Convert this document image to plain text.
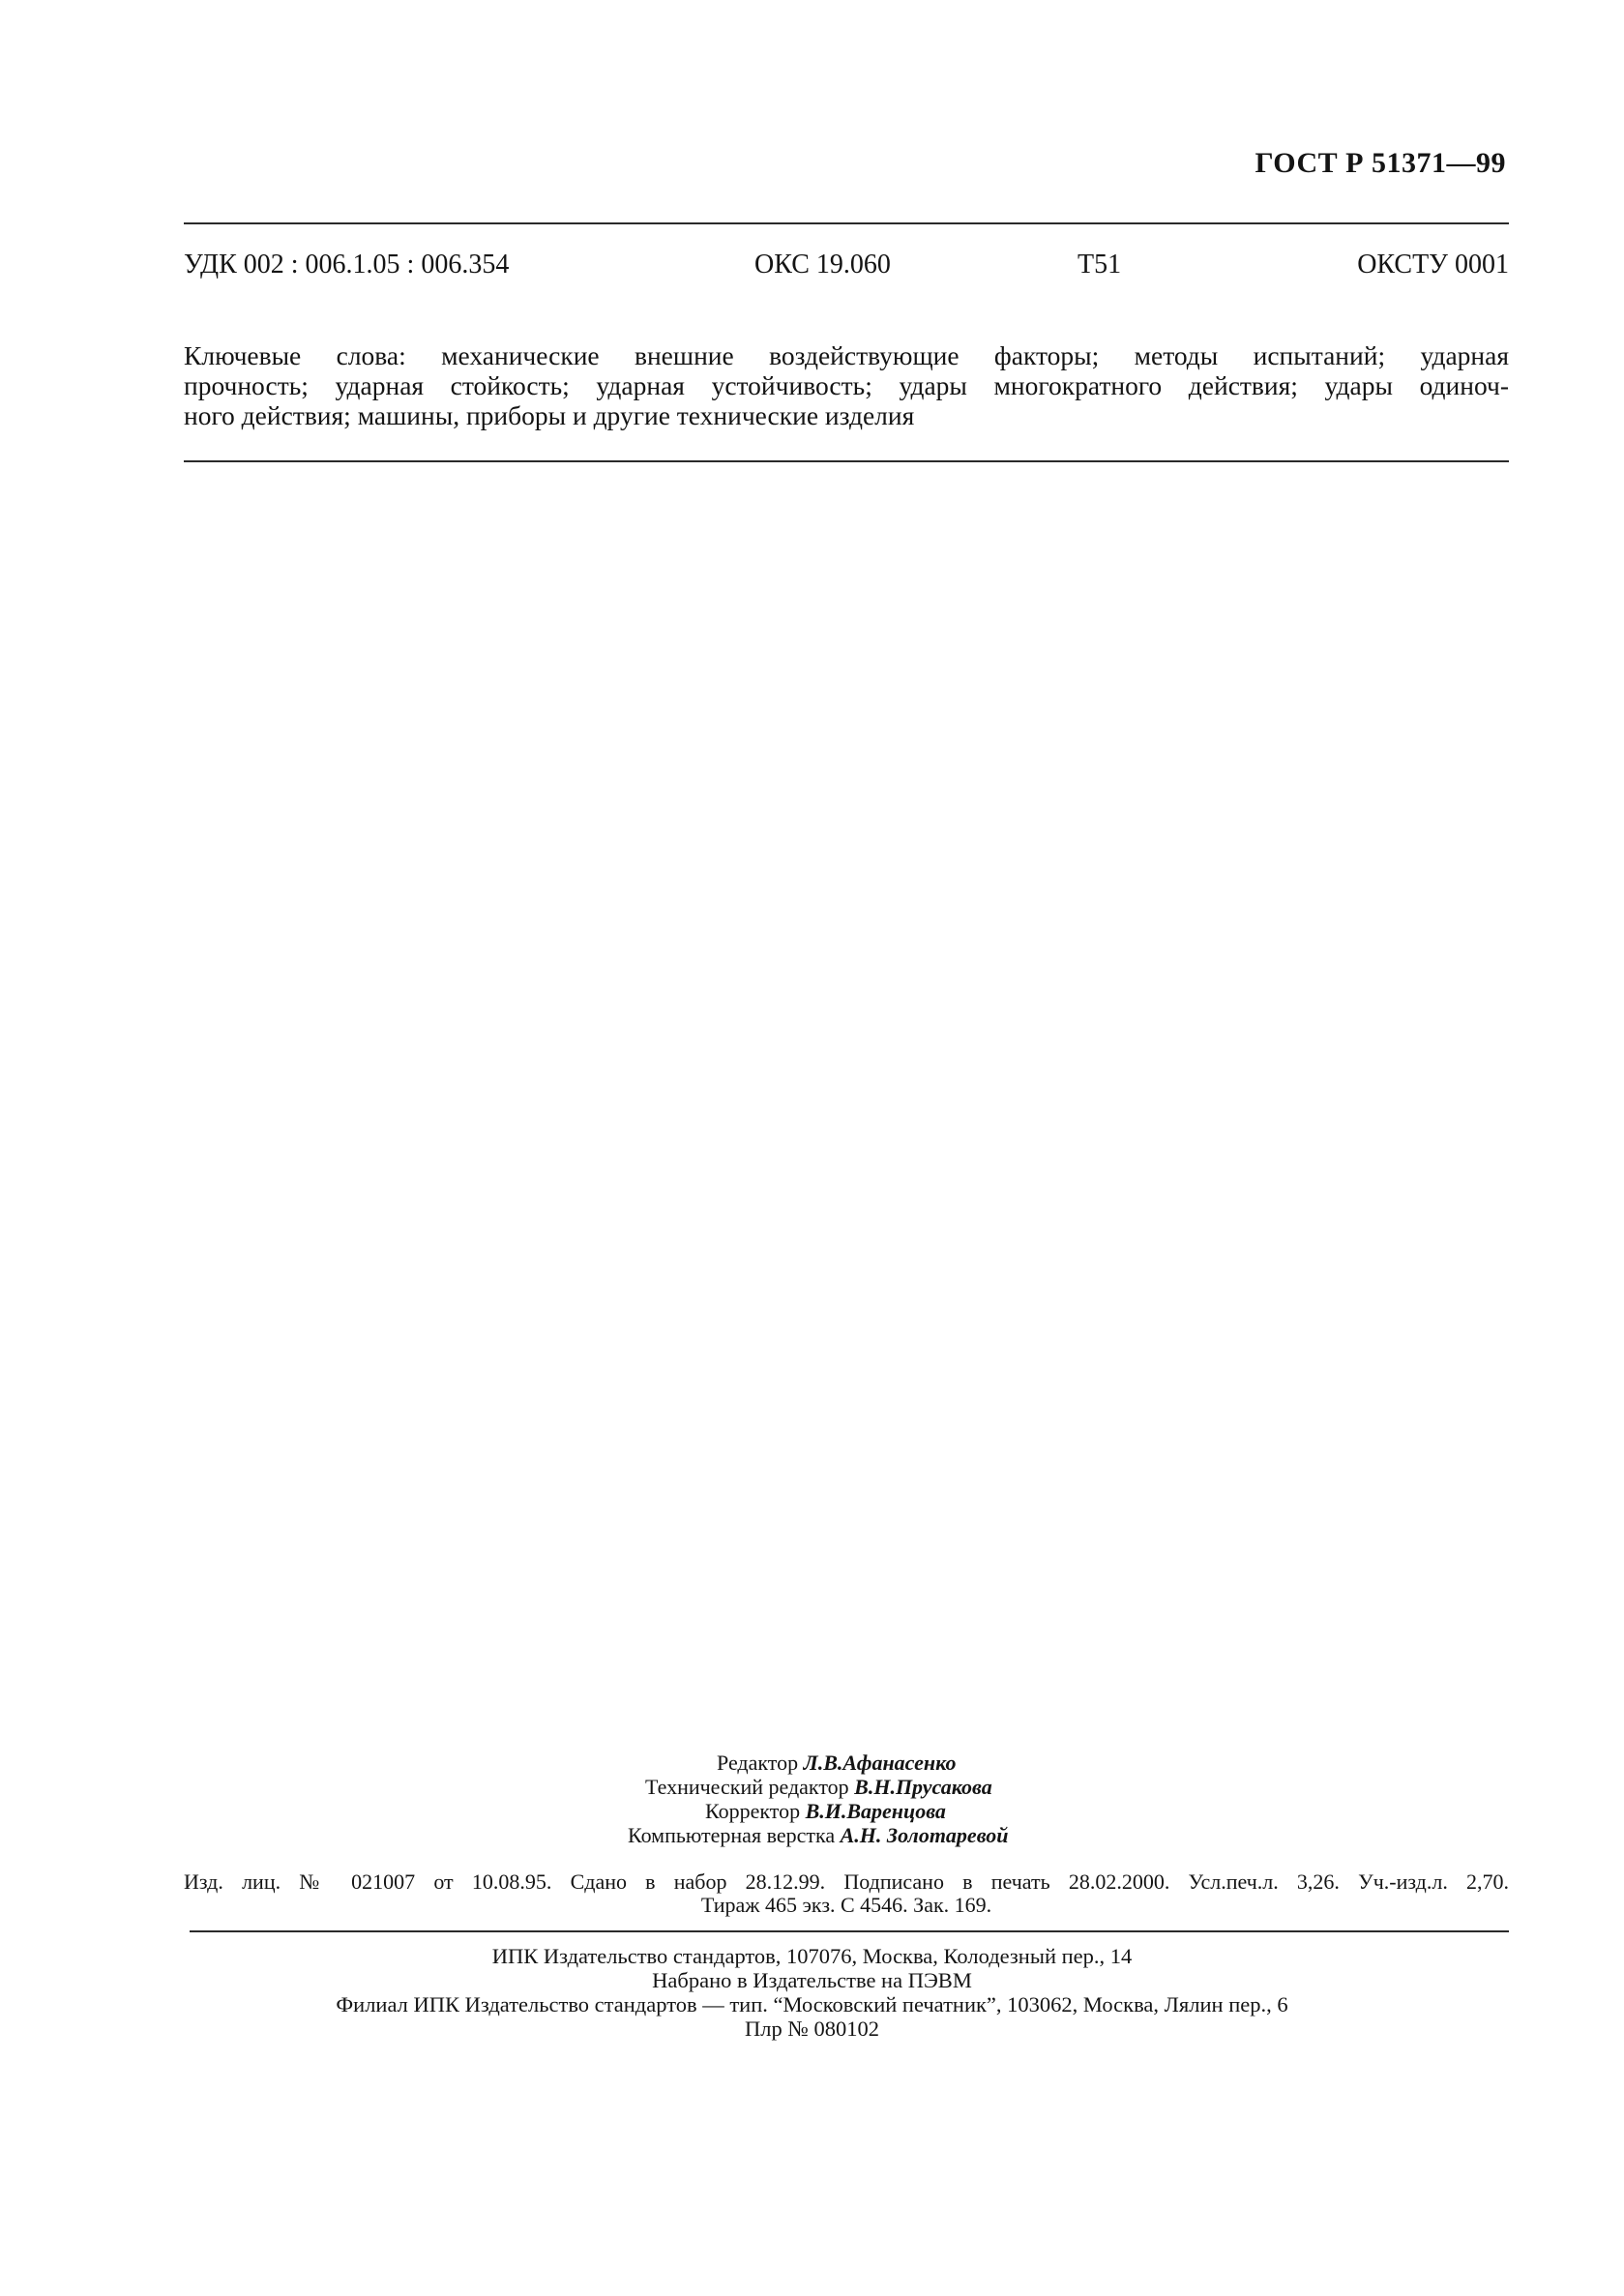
ГОСТ Р 51371—99
УДК 002 : 006.1.05 : 006.354	ОКС 19.060	Т51	ОКСТУ 0001
Ключевые слова: механические внешние воздействующие факторы; методы испытаний; ударная
прочность; ударная стойкость; ударная устойчивость; удары многократного действия; удары одиноч-
ного действия; машины, приборы и другие технические изделия
Редактор Л.В.Афанасенко
Технический редактор В.Н.Прусакова
Корректор В.И.Варенцова
Компьютерная верстка А.Н. Золотаревой
Изд. лиц. № 021007 от 10.08.95. Сдано в набор 28.12.99. Подписано в печать 28.02.2000. Усл.печ.л. 3,26. Уч.-изд.л. 2,70.
Тираж 465 экз. С 4546. Зак. 169.
ИПК Издательство стандартов, 107076, Москва, Колодезный пер., 14
Набрано в Издательстве на ПЭВМ
Филиал ИПК Издательство стандартов — тип. “Московский печатник”, 103062, Москва, Лялин пер., 6
Плр № 080102
